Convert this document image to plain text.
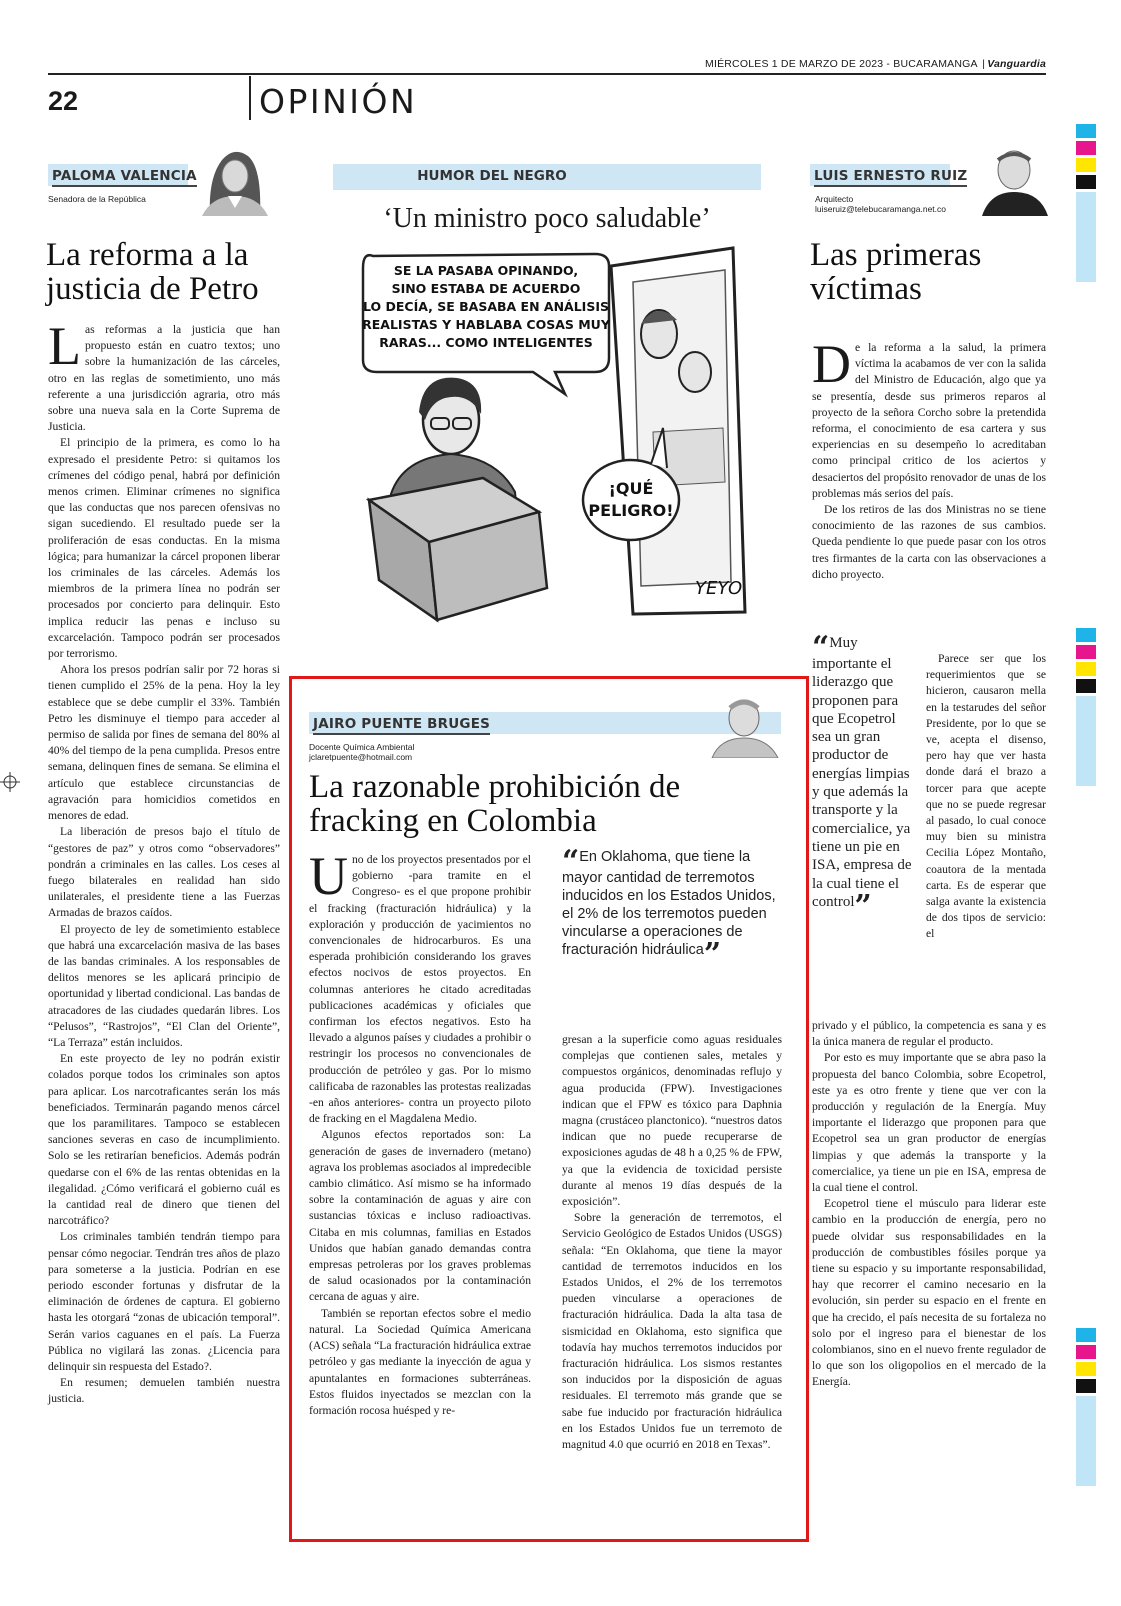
MIÉRCOLES 1 DE MARZO DE 2023 - BUCARAMANGA | Vanguardia
22	OPINIÓN
PALOMA VALENCIA
Senadora de la República
La reforma a la justicia de Petro

Las reformas a la justicia que han propuesto están en cuatro textos; uno sobre la humanización de las cárceles, otro en las reglas de sometimiento, uno más referente a una jurisdicción agraria, otro más sobre una nueva sala en la Corte Suprema de Justicia.

El principio de la primera, es como lo ha expresado el presidente Petro: si quitamos los crímenes del código penal, habrá por definición menos crimen. Eliminar crímenes no significa que las conductas que nos parecen ofensivas no sigan sucediendo. El resultado puede ser la proliferación de esas conductas. En la misma lógica; para humanizar la cárcel proponen liberar los criminales de las cárceles. Además los miembros de la primera línea no podrán ser procesados por concierto para delinquir. Esto implica reducir las penas e incluso su excarcelación. Tampoco podrán ser procesados por terrorismo.

Ahora los presos podrían salir por 72 horas si tienen cumplido el 25% de la pena. Hoy la ley establece que se debe cumplir el 33%. También Petro les disminuye el tiempo para acceder al permiso de salida por fines de semana del 80% al 40% del tiempo de la pena cumplida. Presos entre semana, delinquen fines de semana. Se elimina el artículo que establece circunstancias de agravación para homicidios cometidos en menores de edad.

La liberación de presos bajo el título de “gestores de paz” y otros como “observadores” pondrán a criminales en las calles. Los ceses al fuego bilaterales en realidad han sido unilaterales, el presidente tiene a las Fuerzas Armadas de brazos caídos.

El proyecto de ley de sometimiento establece que habrá una excarcelación masiva de las bases de las bandas criminales. A los responsables de delitos menores se les aplicará principio de oportunidad y libertad condicional. Las bandas de atracadores de las ciudades quedarán libres. Los “Pelusos”, “Rastrojos”, “El Clan del Oriente”, “La Terraza” están incluidos.

En este proyecto de ley no podrán existir colados porque todos los criminales son aptos para aplicar. Los narcotraficantes serán los más beneficiados. Terminarán pagando menos cárcel que los paramilitares. Tampoco se establecen sanciones severas en caso de incumplimiento. Solo se les retirarían beneficios. Además podrán quedarse con el 6% de las rentas obtenidas en la ilegalidad. ¿Cómo verificará el gobierno cuál es la cantidad real de dinero que tienen del narcotráfico?

Los criminales también tendrán tiempo para pensar cómo negociar. Tendrán tres años de plazo para someterse a la justicia. Podrían en ese periodo esconder fortunas y disfrutar de la eliminación de órdenes de captura. El gobierno hasta les otorgará “zonas de ubicación temporal”. Serán varios caguanes en el país. La Fuerza Pública no vigilará las zonas. ¿Licencia para delinquir sin respuesta del Estado?.

En resumen; demuelen también nuestra justicia.

HUMOR DEL NEGRO
‘Un ministro poco saludable’
SE LA PASABA OPINANDO,
SINO ESTABA DE ACUERDO
LO DECÍA, SE BASABA EN ANÁLISIS
REALISTAS Y HABLABA COSAS MUY
RARAS... COMO INTELIGENTES
¡QUÉ
PELIGRO!
YEYO
JAIRO PUENTE BRUGES
Docente Química Ambiental
jclaretpuente@hotmail.com
La razonable prohibición de fracking en Colombia

Uno de los proyectos presentados por el gobierno -para tramite en el Congreso- es el que propone prohibir el fracking (fracturación hidráulica) y la exploración y producción de yacimientos no convencionales de hidrocarburos. Es una esperada prohibición considerando los graves efectos nocivos de estos proyectos. En columnas anteriores he citado acreditadas publicaciones académicas y oficiales que confirman los efectos negativos. Esto ha llevado a algunos países y ciudades a prohibir o restringir los procesos no convencionales de producción de petróleo y gas. Por lo mismo calificaba de razonables las protestas realizadas -en años anteriores- contra un proyecto piloto de fracking en el Magdalena Medio.

Algunos efectos reportados son: La generación de gases de invernadero (metano) agrava los problemas asociados al impredecible cambio climático. Así mismo se ha informado sobre la contaminación de aguas y aire con sustancias tóxicas e incluso radioactivas. Citaba en mis columnas, familias en Estados Unidos que habían ganado demandas contra empresas petroleras por los graves problemas de salud ocasionados por la contaminación cercana de aguas y aire.

También se reportan efectos sobre el medio natural. La Sociedad Química Americana (ACS) señala “La fracturación hidráulica extrae petróleo y gas mediante la inyección de agua y apuntalantes en formaciones subterráneas. Estos fluidos inyectados se mezclan con la formación rocosa huésped y re-

“En Oklahoma, que tiene la mayor cantidad de terremotos inducidos en los Estados Unidos, el 2% de los terremotos pueden vincularse a operaciones de fracturación hidráulica”

gresan a la superficie como aguas residuales complejas que contienen sales, metales y compuestos orgánicos, denominadas reflujo y agua producida (FPW). Investigaciones indican que el FPW es tóxico para Daphnia magna (crustáceo planctonico). “nuestros datos indican que no puede recuperarse de exposiciones agudas de 48 h a 0,25 % de FPW, ya que la evidencia de toxicidad persiste durante al menos 19 días después de la exposición”.

Sobre la generación de terremotos, el Servicio Geológico de Estados Unidos (USGS) señala: “En Oklahoma, que tiene la mayor cantidad de terremotos inducidos en los Estados Unidos, el 2% de los terremotos pueden vincularse a operaciones de fracturación hidráulica. Dada la alta tasa de sismicidad en Oklahoma, esto significa que todavía hay muchos terremotos inducidos por fracturación hidráulica. Los sismos restantes son inducidos por la disposición de aguas residuales. El terremoto más grande que se sabe fue inducido por fracturación hidráulica en los Estados Unidos fue un terremoto de magnitud 4.0 que ocurrió en 2018 en Texas”.

LUIS ERNESTO RUIZ
Arquitecto
luiseruiz@telebucaramanga.net.co
Las primeras víctimas

De la reforma a la salud, la primera víctima la acabamos de ver con la salida del Ministro de Educación, algo que ya se presentía, desde sus primeros reparos al proyecto de la señora Corcho sobre la pretendida reforma, el conocimiento de esa cartera y sus experiencias en su desempeño lo acreditaban como principal critico de los aciertos y desaciertos del propósito renovador de unas de los problemas más serios del país.

De los retiros de las dos Ministras no se tiene conocimiento de las razones de sus cambios. Queda pendiente lo que puede pasar con los otros tres firmantes de la carta con las observaciones a dicho proyecto.

“Muy importante el liderazgo que proponen para que Ecopetrol sea un gran productor de energías limpias y que además la transporte y la comercialice, ya tiene un pie en ISA, empresa de la cual tiene el control”

Parece ser que los requerimientos que se hicieron, causaron mella en la testarudes del señor Presidente, por lo que se ve, acepta el disenso, pero hay que ver hasta donde dará el brazo a torcer para que acepte que no se puede regresar al pasado, lo cual conoce muy bien su ministra Cecilia López Montaño, coautora de la mentada carta. Es de esperar que salga avante la existencia de dos tipos de servicio: el

privado y el público, la competencia es sana y es la única manera de regular el producto.

Por esto es muy importante que se abra paso la propuesta del banco Colombia, sobre Ecopetrol, este ya es otro frente y tiene que ver con la producción y regulación de la Energía. Muy importante el liderazgo que proponen para que Ecopetrol sea un gran productor de energías limpias y que además la transporte y la comercialice, ya tiene un pie en ISA, empresa de la cual tiene el control.

Ecopetrol tiene el músculo para liderar este cambio en la producción de energía, pero no puede olvidar sus responsabilidades en la producción de combustibles fósiles porque ya tiene su espacio y su importante responsabilidad, hay que recorrer el camino necesario en la evolución, sin perder su espacio en el frente en que ha crecido, el país necesita de su fortaleza no solo por el ingreso para el bienestar de los colombianos, sino en el nuevo frente regulador de lo que son los oligopolios en el mercado de la Energía.
